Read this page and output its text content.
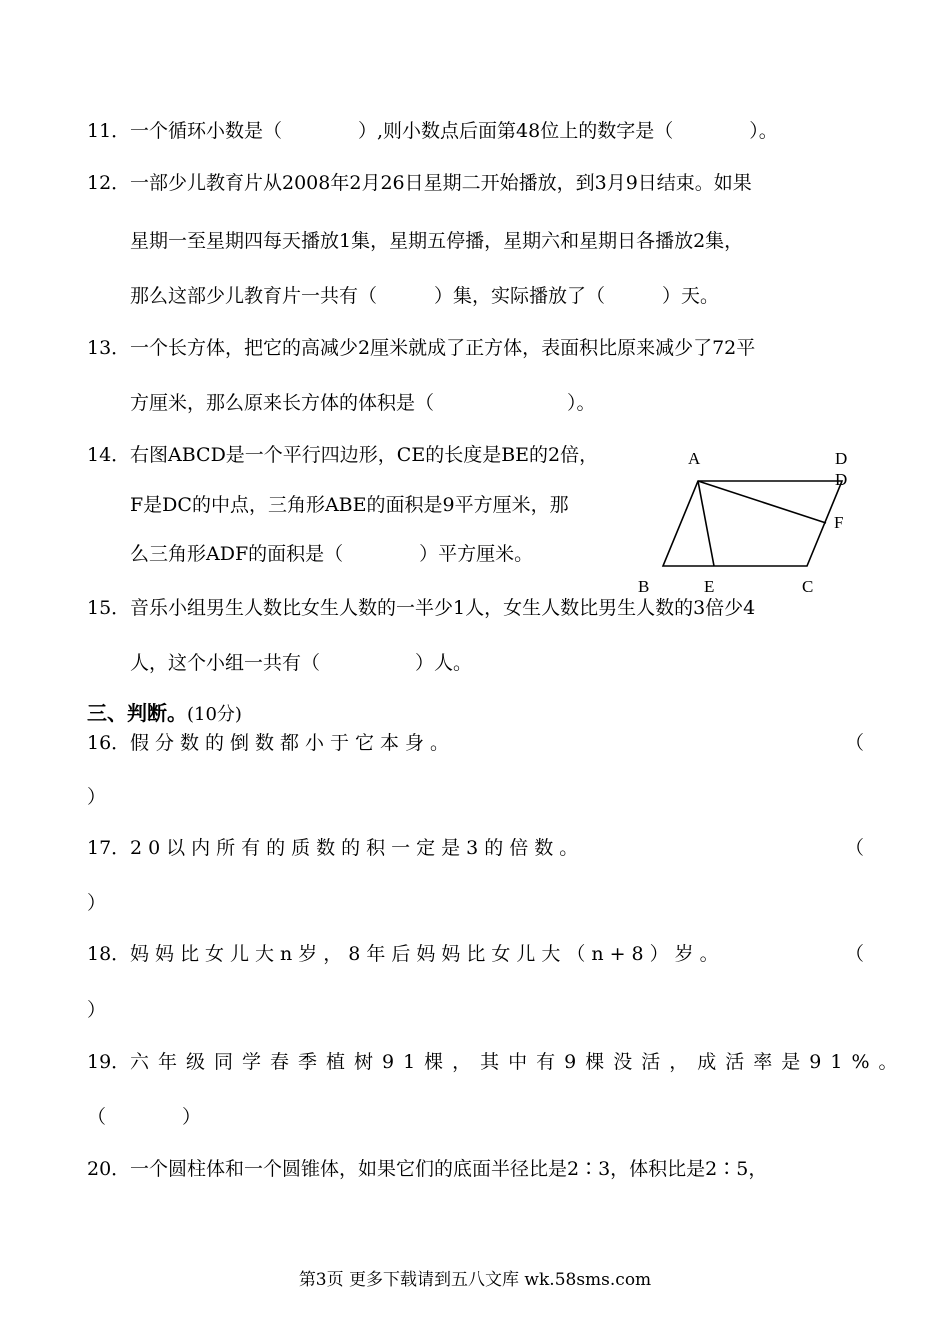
11．一个循环小数是（　　　　）,则小数点后面第48位上的数字是（　　　　）。
12．一部少儿教育片从2008年2月26日星期二开始播放，到3月9日结束。如果
星期一至星期四每天播放1集，星期五停播，星期六和星期日各播放2集，
那么这部少儿教育片一共有（　　　）集，实际播放了（　　　）天。
13．一个长方体，把它的高减少2厘米就成了正方体，表面积比原来减少了72平
方厘米，那么原来长方体的体积是（　　　　　　　）。
14．右图ABCD是一个平行四边形，CE的长度是BE的2倍，
F是DC的中点，三角形ABE的面积是9平方厘米，那
么三角形ADF的面积是（　　　　）平方厘米。
A	D
D
F
B	E	C
15．音乐小组男生人数比女生人数的一半少1人，女生人数比男生人数的3倍少4
人，这个小组一共有（　　　　　）人。
三、判断。(10分)
16．假分数的倒数都小于它本身。	（
）
17．20以内所有的质数的积一定是3的倍数。	（
）
18．妈妈比女儿大n岁，8年后妈妈比女儿大（n+8）岁。	（
）
19．六年级同学春季植树91棵，其中有9棵没活，成活率是91%。
（　　　　）
20．一个圆柱体和一个圆锥体，如果它们的底面半径比是2∶3，体积比是2∶5，
第3页 更多下载请到五八文库 wk.58sms.com
